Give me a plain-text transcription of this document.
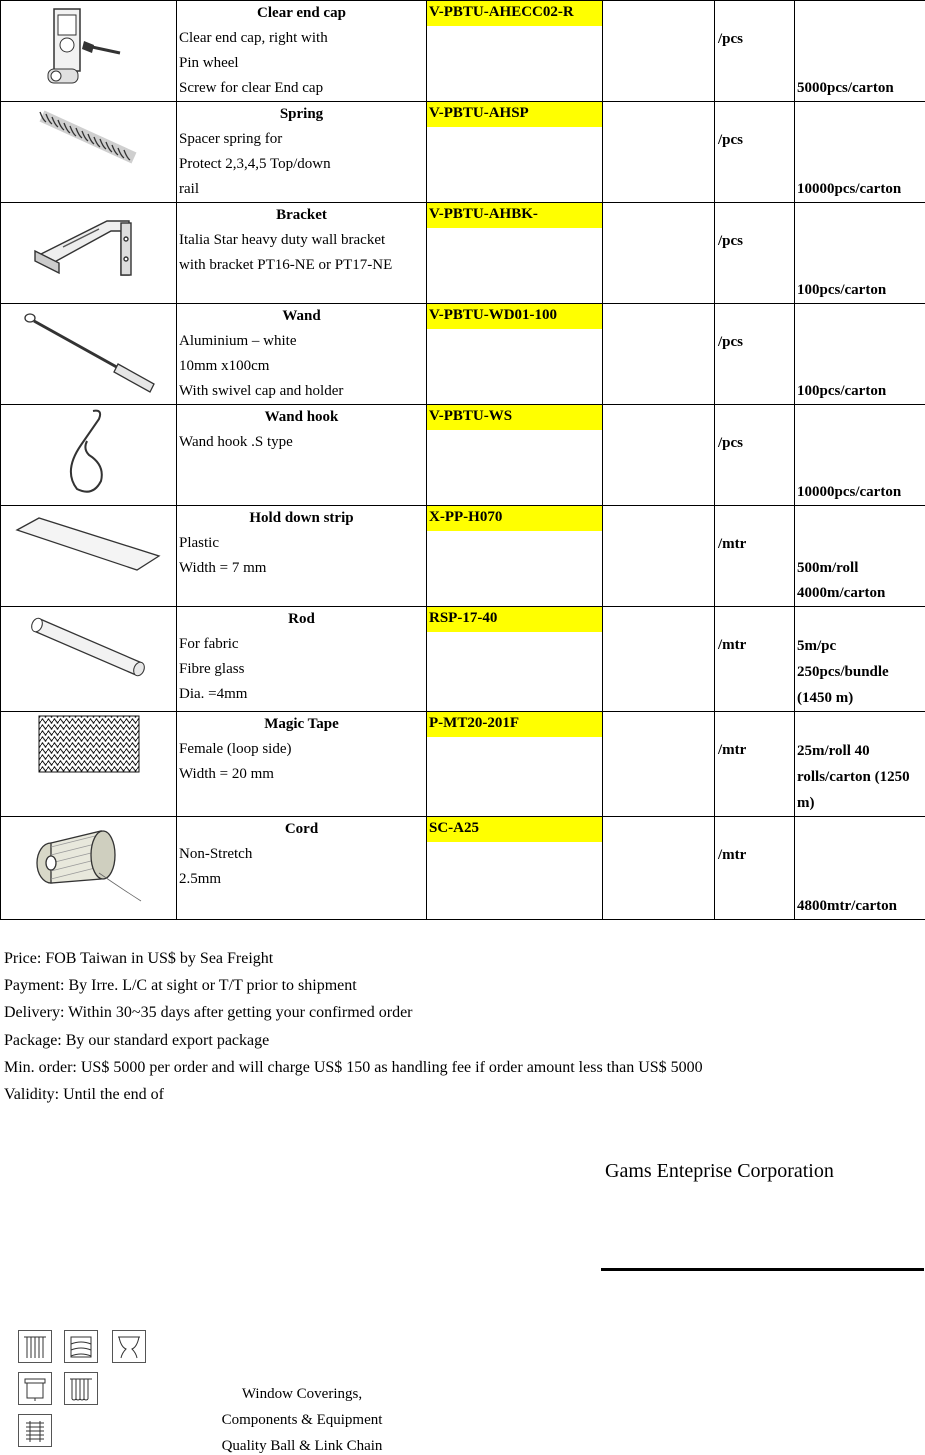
Clear end cap
Clear end cap, right with
Pin wheel
Screw for clear End cap	V-PBTU-AHECC02-R		/pcs	5000pcs/carton

Spring
Spacer spring for
Protect 2,3,4,5 Top/down
rail	V-PBTU-AHSP		/pcs	10000pcs/carton

Bracket
Italia Star heavy duty wall bracket
with bracket PT16-NE or PT17-NE	V-PBTU-AHBK-		/pcs	100pcs/carton

Wand
Aluminium – white
10mm x100cm
With swivel cap and holder	V-PBTU-WD01-100		/pcs	100pcs/carton

Wand hook
Wand hook .S type	V-PBTU-WS		/pcs	10000pcs/carton

Hold down strip
Plastic
Width = 7 mm	X-PP-H070		/mtr	500m/roll
4000m/carton

Rod
For fabric
Fibre glass
Dia. =4mm	RSP-17-40		/mtr	5m/pc 250pcs/bundle (1450 m)

Magic Tape
Female (loop side)
Width = 20 mm	P-MT20-201F		/mtr	25m/roll 40 rolls/carton (1250 m)

Cord
Non-Stretch
2.5mm	SC-A25		/mtr	4800mtr/carton
Price: FOB Taiwan in US$ by Sea Freight
Payment: By Irre. L/C at sight or T/T prior to shipment
Delivery: Within 30~35 days after getting your confirmed order
Package: By our standard export package
Min. order: US$ 5000 per order and will charge US$ 150 as handling fee if order amount less than US$ 5000
Validity: Until the end of
Gams Enteprise Corporation
Window Coverings,
Components & Equipment
Quality Ball & Link Chain
